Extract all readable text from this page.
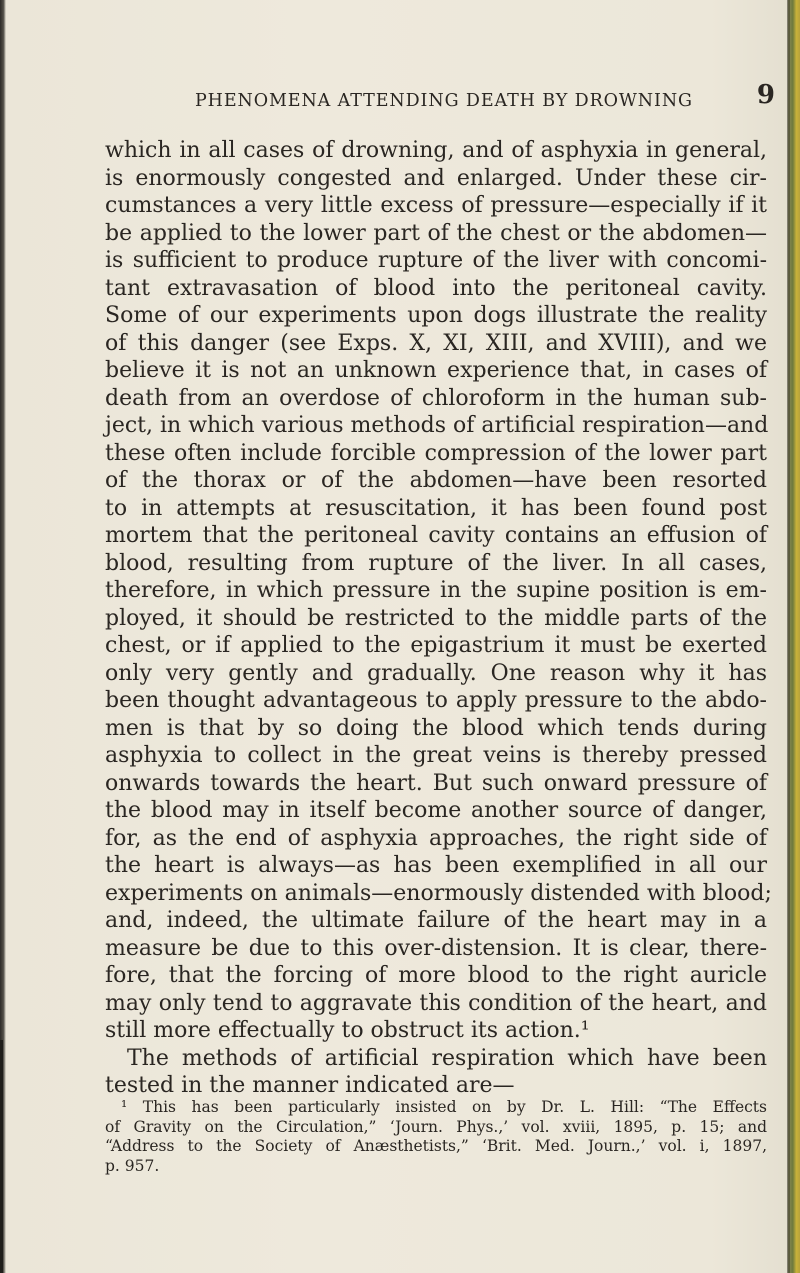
PHENOMENA ATTENDING DEATH BY DROWNING 9
which in all cases of drowning, and of asphyxia in general,
is enormously congested and enlarged. Under these cir-
cumstances a very little excess of pressure—especially if it
be applied to the lower part of the chest or the abdomen—
is sufficient to produce rupture of the liver with concomi-
tant extravasation of blood into the peritoneal cavity.
Some of our experiments upon dogs illustrate the reality
of this danger (see Exps. X, XI, XIII, and XVIII), and we
believe it is not an unknown experience that, in cases of
death from an overdose of chloroform in the human sub-
ject, in which various methods of artificial respiration—and
these often include forcible compression of the lower part
of the thorax or of the abdomen—have been resorted
to in attempts at resuscitation, it has been found post
mortem that the peritoneal cavity contains an effusion of
blood, resulting from rupture of the liver. In all cases,
therefore, in which pressure in the supine position is em-
ployed, it should be restricted to the middle parts of the
chest, or if applied to the epigastrium it must be exerted
only very gently and gradually. One reason why it has
been thought advantageous to apply pressure to the abdo-
men is that by so doing the blood which tends during
asphyxia to collect in the great veins is thereby pressed
onwards towards the heart. But such onward pressure of
the blood may in itself become another source of danger,
for, as the end of asphyxia approaches, the right side of
the heart is always—as has been exemplified in all our
experiments on animals—enormously distended with blood;
and, indeed, the ultimate failure of the heart may in a
measure be due to this over-distension. It is clear, there-
fore, that the forcing of more blood to the right auricle
may only tend to aggravate this condition of the heart, and
still more effectually to obstruct its action.¹
The methods of artificial respiration which have been
tested in the manner indicated are—
¹ This has been particularly insisted on by Dr. L. Hill: “The Effects
of Gravity on the Circulation,” ‘Journ. Phys.,’ vol. xviii, 1895, p. 15; and
“Address to the Society of Anæsthetists,” ‘Brit. Med. Journ.,’ vol. i, 1897,
p. 957.
